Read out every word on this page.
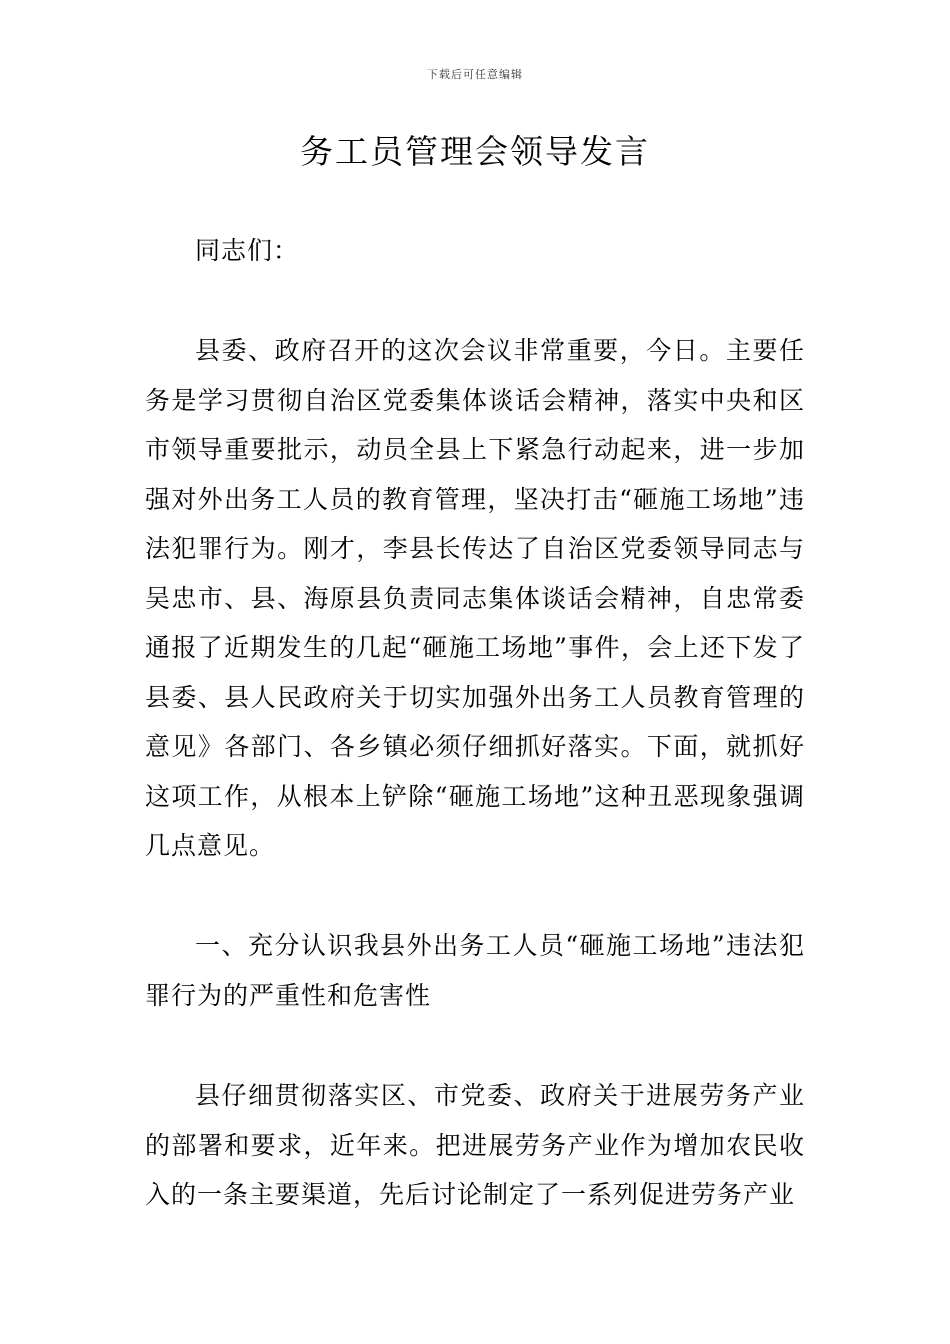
下载后可任意编辑
务工员管理会领导发言

同志们：

县委、政府召开的这次会议非常重要，今日。主要任务是学习贯彻自治区党委集体谈话会精神，落实中央和区市领导重要批示，动员全县上下紧急行动起来，进一步加强对外出务工人员的教育管理，坚决打击“砸施工场地”违法犯罪行为。刚才，李县长传达了自治区党委领导同志与吴忠市、县、海原县负责同志集体谈话会精神，自忠常委通报了近期发生的几起“砸施工场地”事件，会上还下发了县委、县人民政府关于切实加强外出务工人员教育管理的意见》各部门、各乡镇必须仔细抓好落实。下面，就抓好这项工作，从根本上铲除“砸施工场地”这种丑恶现象强调几点意见。

一、充分认识我县外出务工人员“砸施工场地”违法犯罪行为的严重性和危害性

县仔细贯彻落实区、市党委、政府关于进展劳务产业的部署和要求，近年来。把进展劳务产业作为增加农民收入的一条主要渠道，先后讨论制定了一系列促进劳务产业
